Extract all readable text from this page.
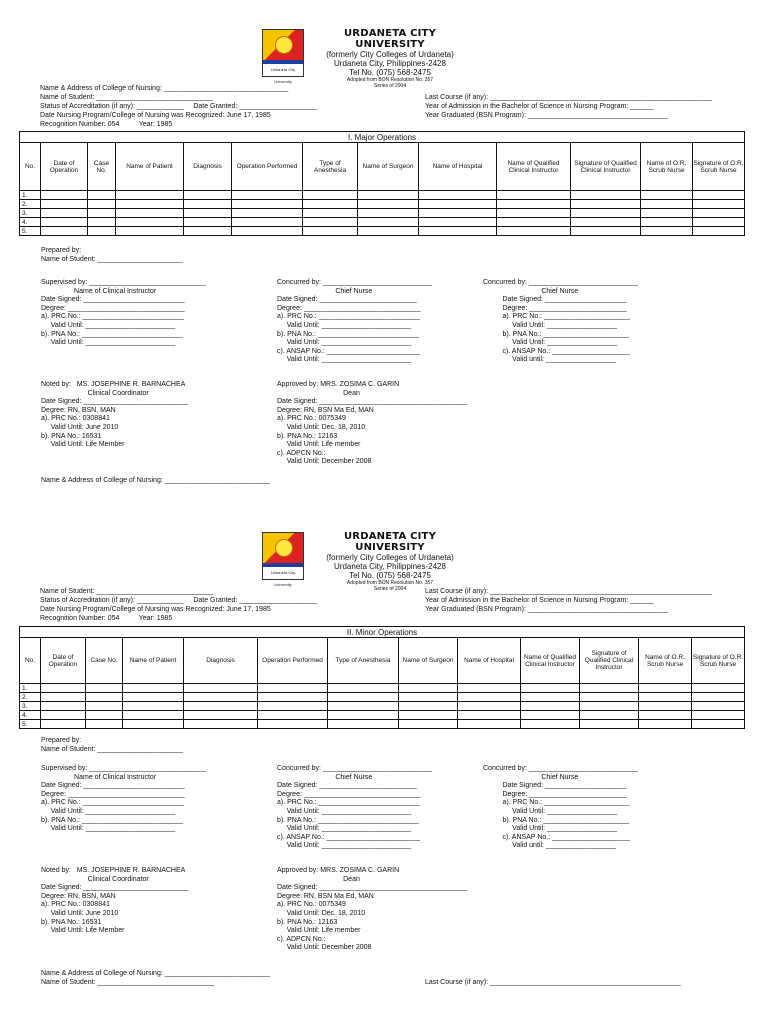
Urdaneta City University
URDANETA CITY UNIVERSITY
(formerly City Colleges of Urdaneta)
Urdaneta City, Philippines-2428
Tel No. (075) 568-2475
Adopted from BON Resolution No. 357
Series of 2004
Name & Address of College of Nursing: ________________________________
Name of Student: ______________________________
Status of Accreditation (if any): ____________     Date Granted: ____________________
Date Nursing Program/College of Nursing was Recognized: June 17, 1985
Recognition Number: 054          Year: 1985
Last Course (if any): _________________________________________________________
Year of Admission in the Bachelor of Science in Nursing Program: ______
Year Graduated (BSN Program): ____________________________________
I. Major Operations												
No.	Date of Operation	Case No.	Name of Patient	Diagnosis	Operation Performed	Type of Anesthesia	Name of Surgeon	Name of Hospital	Name of Qualified Clinical Instructor	Signature of Qualified Clinical Instructor	Name of O.R. Scrub Nurse	Signature of O.R. Scrub Nurse
1.												
2.												
3.												
4.												
5.												
Prepared by:
Name of Student: ______________________
Supervised by: ______________________________
Name of Clinical Instructor
Date Signed: __________________________
Degree: ______________________________
a). PRC No.: __________________________
Valid Until: _______________________
b). PNA No.: __________________________
Valid Until: _______________________
Concurred by: ____________________________
Chief Nurse
Date Signed: _________________________
Degree: ______________________________
a). PRC No.: __________________________
Valid Until: _______________________
b). PNA No.: __________________________
Valid Until: _______________________
c). ANSAP No.: ________________________
Valid Until: _______________________
Concurred by: ____________________________
Chief Nurse
Date Signed: _____________________
Degree: _________________________
a). PRC No.: ______________________
Valid Until: __________________
b). PNA No.: ______________________
Valid Until: __________________
c). ANSAP No.: ____________________
Valid until: __________________
Noted by:   MS. JOSEPHINE R. BARNACHEA
Clinical Coordinator
Date Signed: ___________________________
Degree: RN, BSN, MAN
a). PRC No.: 0308841
Valid Until: June 2010
b). PNA No.: 16531
Valid Until: Life Member
Approved by: MRS. ZOSIMA C. GARIN
Dean
Date Signed: ______________________________________
Degree: RN, BSN Ma Ed, MAN
a). PRC No.: 0075349
Valid Until: Dec. 18, 2010
b). PNA No.: 12163
Valid Until: Life member
c). ADPCN No.:
Valid Until: December 2008
Name & Address of College of Nursing: ___________________________
Urdaneta City University
URDANETA CITY UNIVERSITY
(formerly City Colleges of Urdaneta)
Urdaneta City, Philippines-2428
Tel No. (075) 568-2475
Adopted from BON Resolution No. 357
Series of 2004
Name of Student: ______________________________
Status of Accreditation (if any): ____________     Date Granted: ____________________
Date Nursing Program/College of Nursing was Recognized: June 17, 1985
Recognition Number: 054          Year: 1985
Last Course (if any): _________________________________________________________
Year of Admission in the Bachelor of Science in Nursing Program: ______
Year Graduated (BSN Program): ____________________________________
II. Minor Operations												
No.	Date of Operation	Case No.	Name of Patient	Diagnosis	Operation Performed	Type of Anesthesia	Name of Surgeon	Name of Hospital	Name of Qualified Clinical Instructor	Signature of Qualified Clinical Instructor	Name of O.R. Scrub Nurse	Signature of O.R. Scrub Nurse
1.												
2.												
3.												
4.												
5.												
Prepared by:
Name of Student: ______________________
Supervised by: ______________________________
Name of Clinical Instructor
Date Signed: __________________________
Degree: ______________________________
a). PRC No.: __________________________
Valid Until: _______________________
b). PNA No.: __________________________
Valid Until: _______________________
Concurred by: ____________________________
Chief Nurse
Date Signed: _________________________
Degree: ______________________________
a). PRC No.: __________________________
Valid Until: _______________________
b). PNA No.: __________________________
Valid Until: _______________________
c). ANSAP No.: ________________________
Valid Until: _______________________
Concurred by: ____________________________
Chief Nurse
Date Signed: _____________________
Degree: _________________________
a). PRC No.: ______________________
Valid Until: __________________
b). PNA No.: ______________________
Valid Until: __________________
c). ANSAP No.: ____________________
Valid until: __________________
Noted by:   MS. JOSEPHINE R. BARNACHEA
Clinical Coordinator
Date Signed: ___________________________
Degree: RN, BSN, MAN
a). PRC No.: 0308841
Valid Until: June 2010
b). PNA No.: 16531
Valid Until: Life Member
Approved by: MRS. ZOSIMA C. GARIN
Dean
Date Signed: ______________________________________
Degree: RN, BSN Ma Ed, MAN
a). PRC No.: 0075349
Valid Until: Dec. 18, 2010
b). PNA No.: 12163
Valid Until: Life member
c). ADPCN No.:
Valid Until: December 2008
Name & Address of College of Nursing: ___________________________
Name of Student: ______________________________	Last Course (if any): _________________________________________________
